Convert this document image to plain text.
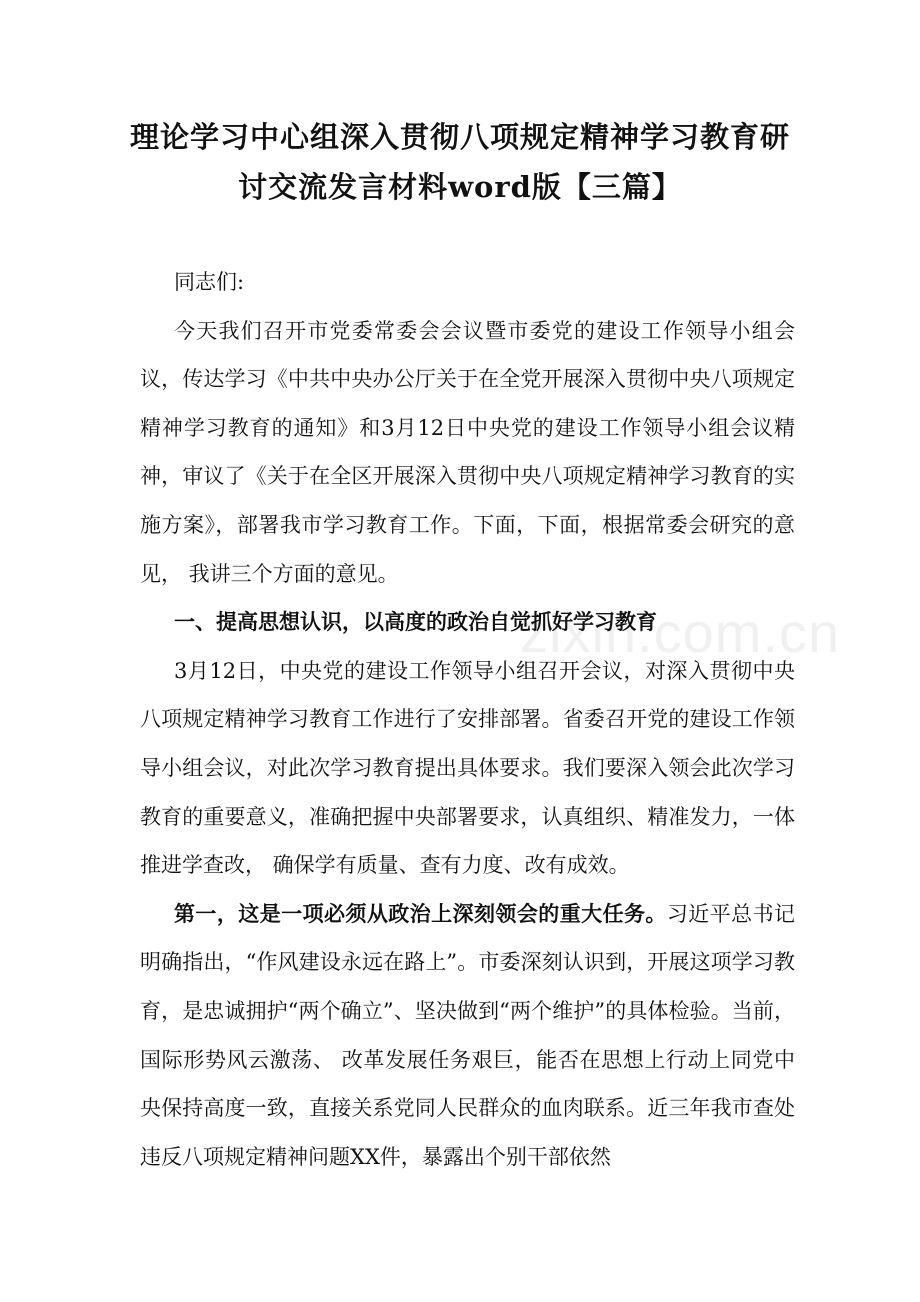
zixin.com.cn
理论学习中心组深入贯彻八项规定精神学习教育研
讨交流发言材料word版【三篇】

同志们:

今天我们召开市党委常委会会议暨市委党的建设工作领导小组会议，传达学习《中共中央办公厅关于在全党开展深入贯彻中央八项规定精神学习教育的通知》和3月12日中央党的建设工作领导小组会议精神，审议了《关于在全区开展深入贯彻中央八项规定精神学习教育的实施方案》，部署我市学习教育工作。下面，下面，根据常委会研究的意见， 我讲三个方面的意见。

一、提高思想认识，以高度的政治自觉抓好学习教育

3月12日，中央党的建设工作领导小组召开会议，对深入贯彻中央八项规定精神学习教育工作进行了安排部署。省委召开党的建设工作领导小组会议，对此次学习教育提出具体要求。我们要深入领会此次学习教育的重要意义，准确把握中央部署要求，认真组织、精准发力，一体推进学查改， 确保学有质量、查有力度、改有成效。

第一，这是一项必须从政治上深刻领会的重大任务。习近平总书记明确指出，“作风建设永远在路上”。市委深刻认识到，开展这项学习教育，是忠诚拥护“两个确立”、坚决做到“两个维护”的具体检验。当前，国际形势风云激荡、 改革发展任务艰巨，能否在思想上行动上同党中央保持高度一致，直接关系党同人民群众的血肉联系。近三年我市查处违反八项规定精神问题XX件，暴露出个别干部依然
